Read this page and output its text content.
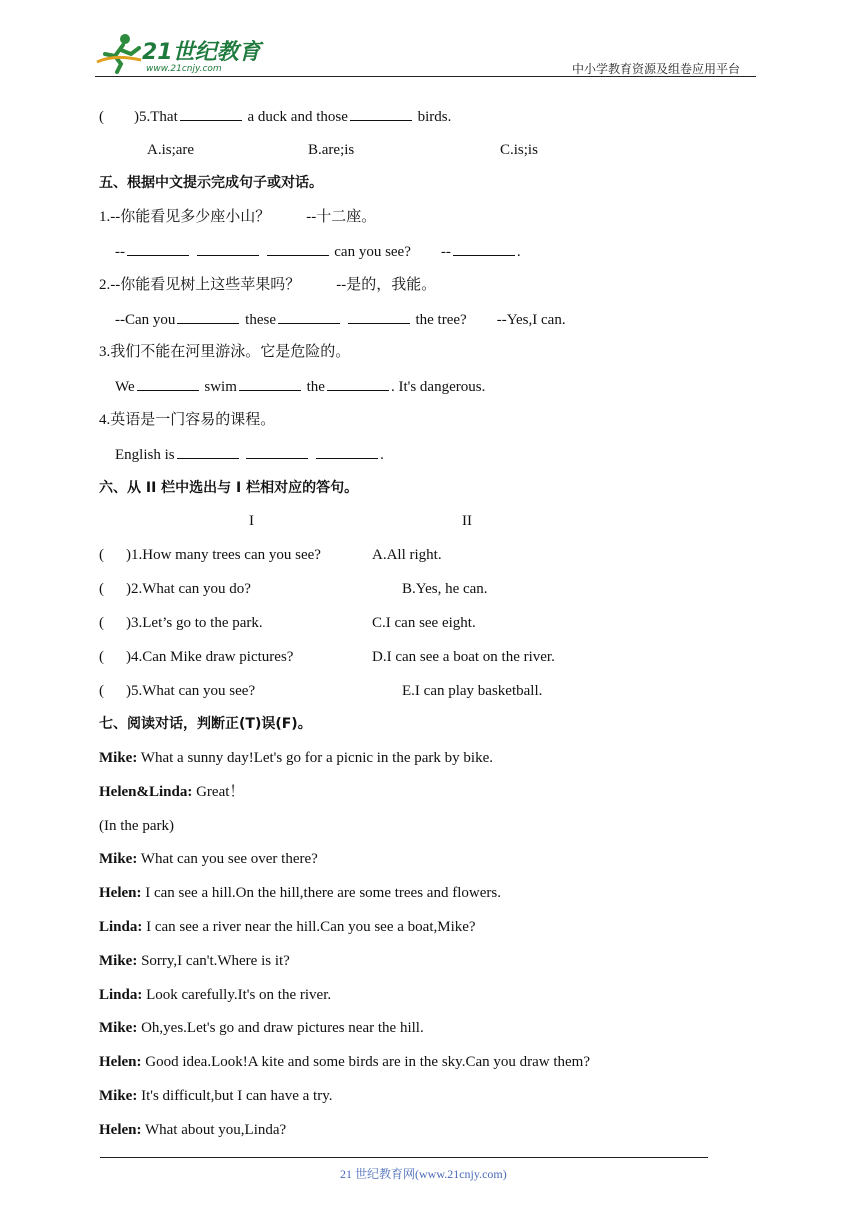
21世纪教育
www.21cnjy.com	中小学教育资源及组卷应用平台
( )5.That	a duck and those	birds.
A.is;are	B.are;is	C.is;is
五、根据中文提示完成句子或对话。
1.--你能看见多少座小山？ --十二座。
--	can you see? --	.
2.--你能看见树上这些苹果吗？ --是的，我能。
--Can you	these	the tree? --Yes,I can.
3.我们不能在河里游泳。它是危险的。
We	swim	the	. It's dangerous.
4.英语是一门容易的课程。
English is	.
六、从 II 栏中选出与 I 栏相对应的答句。
I	II
( )1.How many trees can you see?	A.All right.
( )2.What can you do?	B.Yes, he can.
( )3.Let’s go to the park.	C.I can see eight.
( )4.Can Mike draw pictures?	D.I can see a boat on the river.
( )5.What can you see?	E.I can play basketball.
七、阅读对话，判断正(T)误(F)。
Mike: What a sunny day!Let's go for a picnic in the park by bike.
Helen&Linda: Great！
(In the park)
Mike: What can you see over there?
Helen: I can see a hill.On the hill,there are some trees and flowers.
Linda: I can see a river near the hill.Can you see a boat,Mike?
Mike: Sorry,I can't.Where is it?
Linda: Look carefully.It's on the river.
Mike: Oh,yes.Let's go and draw pictures near the hill.
Helen: Good idea.Look!A kite and some birds are in the sky.Can you draw them?
Mike: It's difficult,but I can have a try.
Helen: What about you,Linda?
21 世纪教育网(www.21cnjy.com)
